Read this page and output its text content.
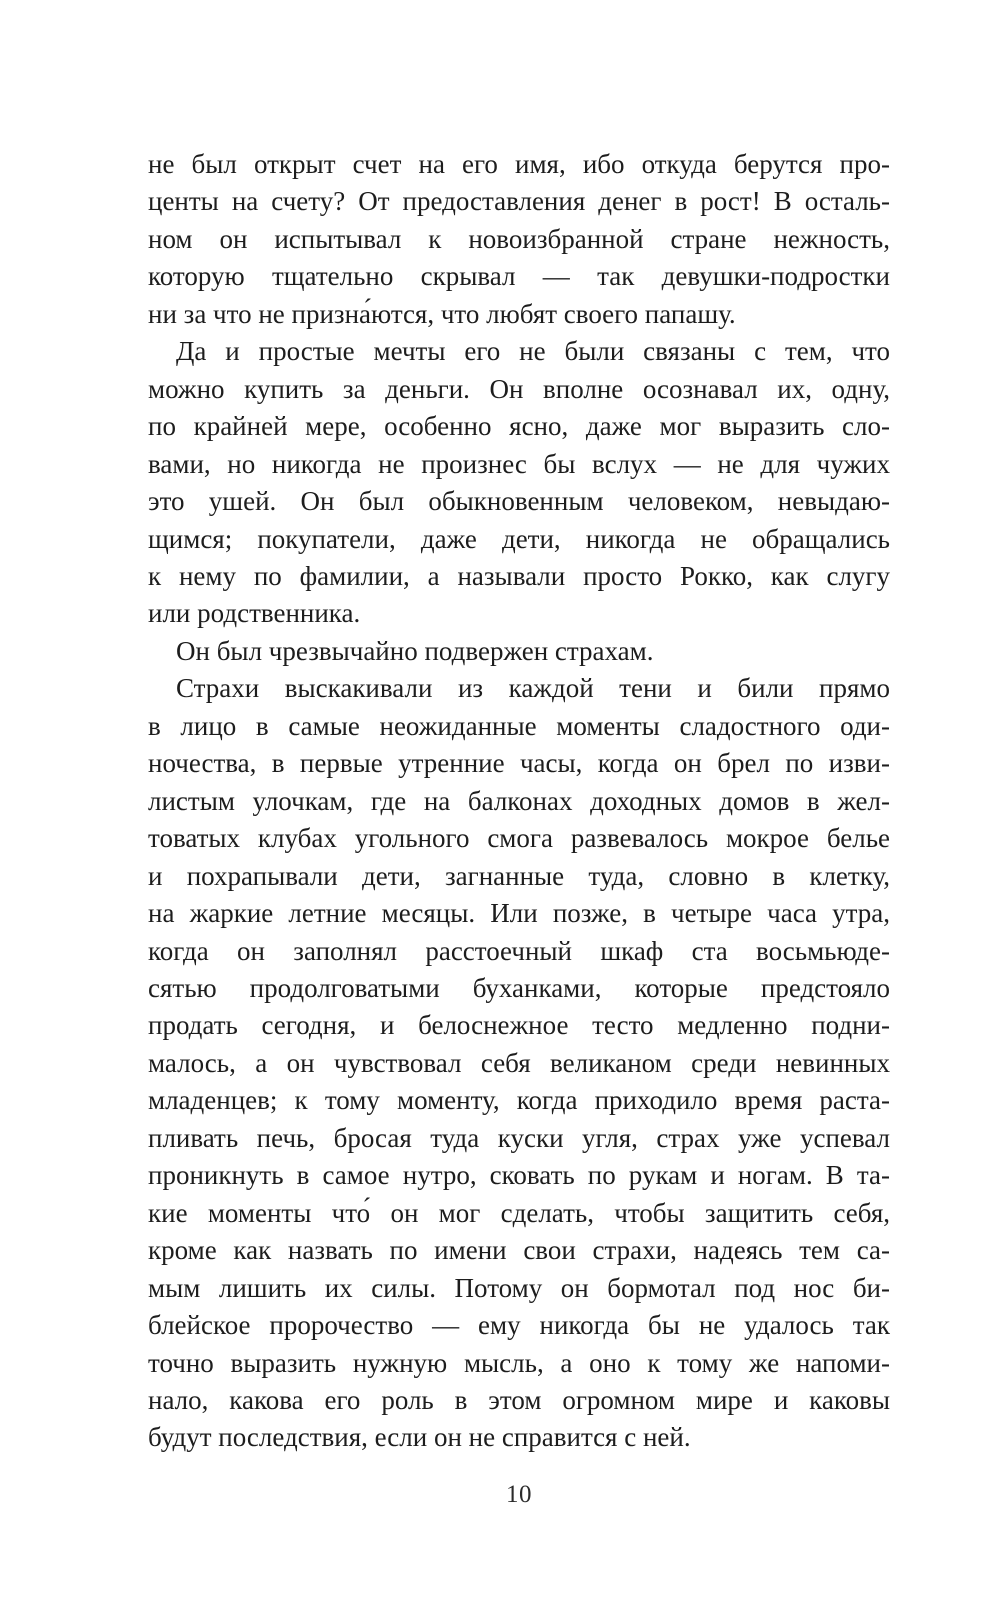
не был открыт счет на его имя, ибо откуда берутся про-
центы на счету? От предоставления денег в рост! В осталь-
ном он испытывал к новоизбранной стране нежность,
которую тщательно скрывал — так девушки-подростки
ни за что не призна́ются, что любят своего папашу.

Да и простые мечты его не были связаны с тем, что
можно купить за деньги. Он вполне осознавал их, одну,
по крайней мере, особенно ясно, даже мог выразить сло-
вами, но никогда не произнес бы вслух — не для чужих
это ушей. Он был обыкновенным человеком, невыдаю-
щимся; покупатели, даже дети, никогда не обращались
к нему по фамилии, а называли просто Рокко, как слугу
или родственника.

Он был чрезвычайно подвержен страхам.

Страхи выскакивали из каждой тени и били прямо
в лицо в самые неожиданные моменты сладостного оди-
ночества, в первые утренние часы, когда он брел по изви-
листым улочкам, где на балконах доходных домов в жел-
товатых клубах угольного смога развевалось мокрое белье
и похрапывали дети, загнанные туда, словно в клетку,
на жаркие летние месяцы. Или позже, в четыре часа утра,
когда он заполнял расстоечный шкаф ста восьмьюде-
сятью продолговатыми буханками, которые предстояло
продать сегодня, и белоснежное тесто медленно подни-
малось, а он чувствовал себя великаном среди невинных
младенцев; к тому моменту, когда приходило время раста-
пливать печь, бросая туда куски угля, страх уже успевал
проникнуть в самое нутро, сковать по рукам и ногам. В та-
кие моменты что́ он мог сделать, чтобы защитить себя,
кроме как назвать по имени свои страхи, надеясь тем са-
мым лишить их силы. Потому он бормотал под нос би-
блейское пророчество — ему никогда бы не удалось так
точно выразить нужную мысль, а оно к тому же напоми-
нало, какова его роль в этом огромном мире и каковы
будут последствия, если он не справится с ней.

10
